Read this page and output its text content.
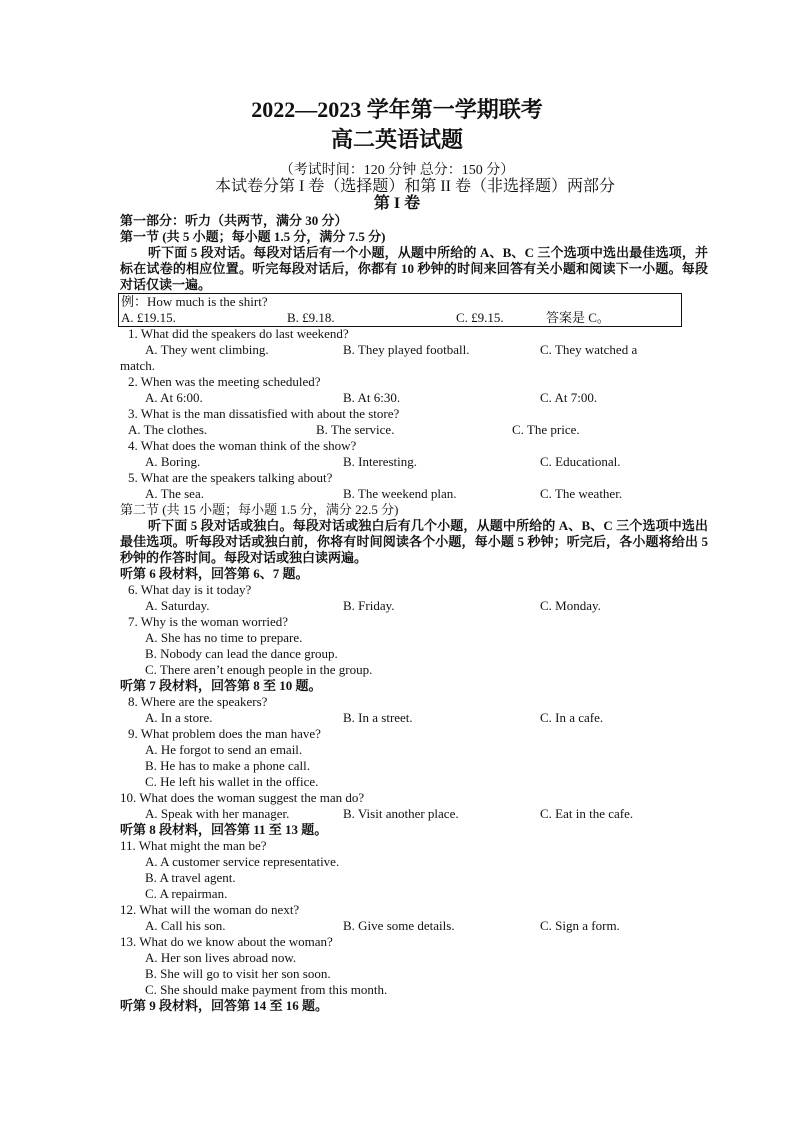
2022—2023 学年第一学期联考
高二英语试题
（考试时间：120 分钟 总分：150 分）
本试卷分第 I 卷（选择题）和第 II 卷（非选择题）两部分
第 I 卷
第一部分：听力（共两节，满分 30 分）
第一节 (共 5 小题；每小题 1.5 分，满分 7.5 分)
听下面 5 段对话。每段对话后有一个小题，从题中所给的 A、B、C 三个选项中选出最佳选项，并标在试卷的相应位置。听完每段对话后，你都有 10 秒钟的时间来回答有关小题和阅读下一小题。每段对话仅读一遍。
例：How much is the shirt?
A. £19.15.	B. £9.18.	C. £9.15.	答案是 C。
1. What did the speakers do last weekend?
A. They went climbing.	B. They played football.	C. They watched a
match.
2. When was the meeting scheduled?
A. At 6:00.	B. At 6:30.	C. At 7:00.
3. What is the man dissatisfied with about the store?
A. The clothes.	B. The service.	C. The price.
4. What does the woman think of the show?
A. Boring.	B. Interesting.	C. Educational.
5. What are the speakers talking about?
A. The sea.	B. The weekend plan.	C. The weather.
第二节 (共 15 小题；每小题 1.5 分，满分 22.5 分)
听下面 5 段对话或独白。每段对话或独白后有几个小题，从题中所给的 A、B、C 三个选项中选出最佳选项。听每段对话或独白前，你将有时间阅读各个小题，每小题 5 秒钟；听完后，各小题将给出 5 秒钟的作答时间。每段对话或独白读两遍。
听第 6 段材料，回答第 6、7 题。
6. What day is it today?
A. Saturday.	B. Friday.	C. Monday.
7. Why is the woman worried?
A. She has no time to prepare.
B. Nobody can lead the dance group.
C. There aren’t enough people in the group.
听第 7 段材料，回答第 8 至 10 题。
8. Where are the speakers?
A. In a store.	B. In a street.	C. In a cafe.
9. What problem does the man have?
A. He forgot to send an email.
B. He has to make a phone call.
C. He left his wallet in the office.
10. What does the woman suggest the man do?
A. Speak with her manager.	B. Visit another place.	C. Eat in the cafe.
听第 8 段材料，回答第 11 至 13 题。
11. What might the man be?
A. A customer service representative.
B. A travel agent.
C. A repairman.
12. What will the woman do next?
A. Call his son.	B. Give some details.	C. Sign a form.
13. What do we know about the woman?
A. Her son lives abroad now.
B. She will go to visit her son soon.
C. She should make payment from this month.
听第 9 段材料，回答第 14 至 16 题。
